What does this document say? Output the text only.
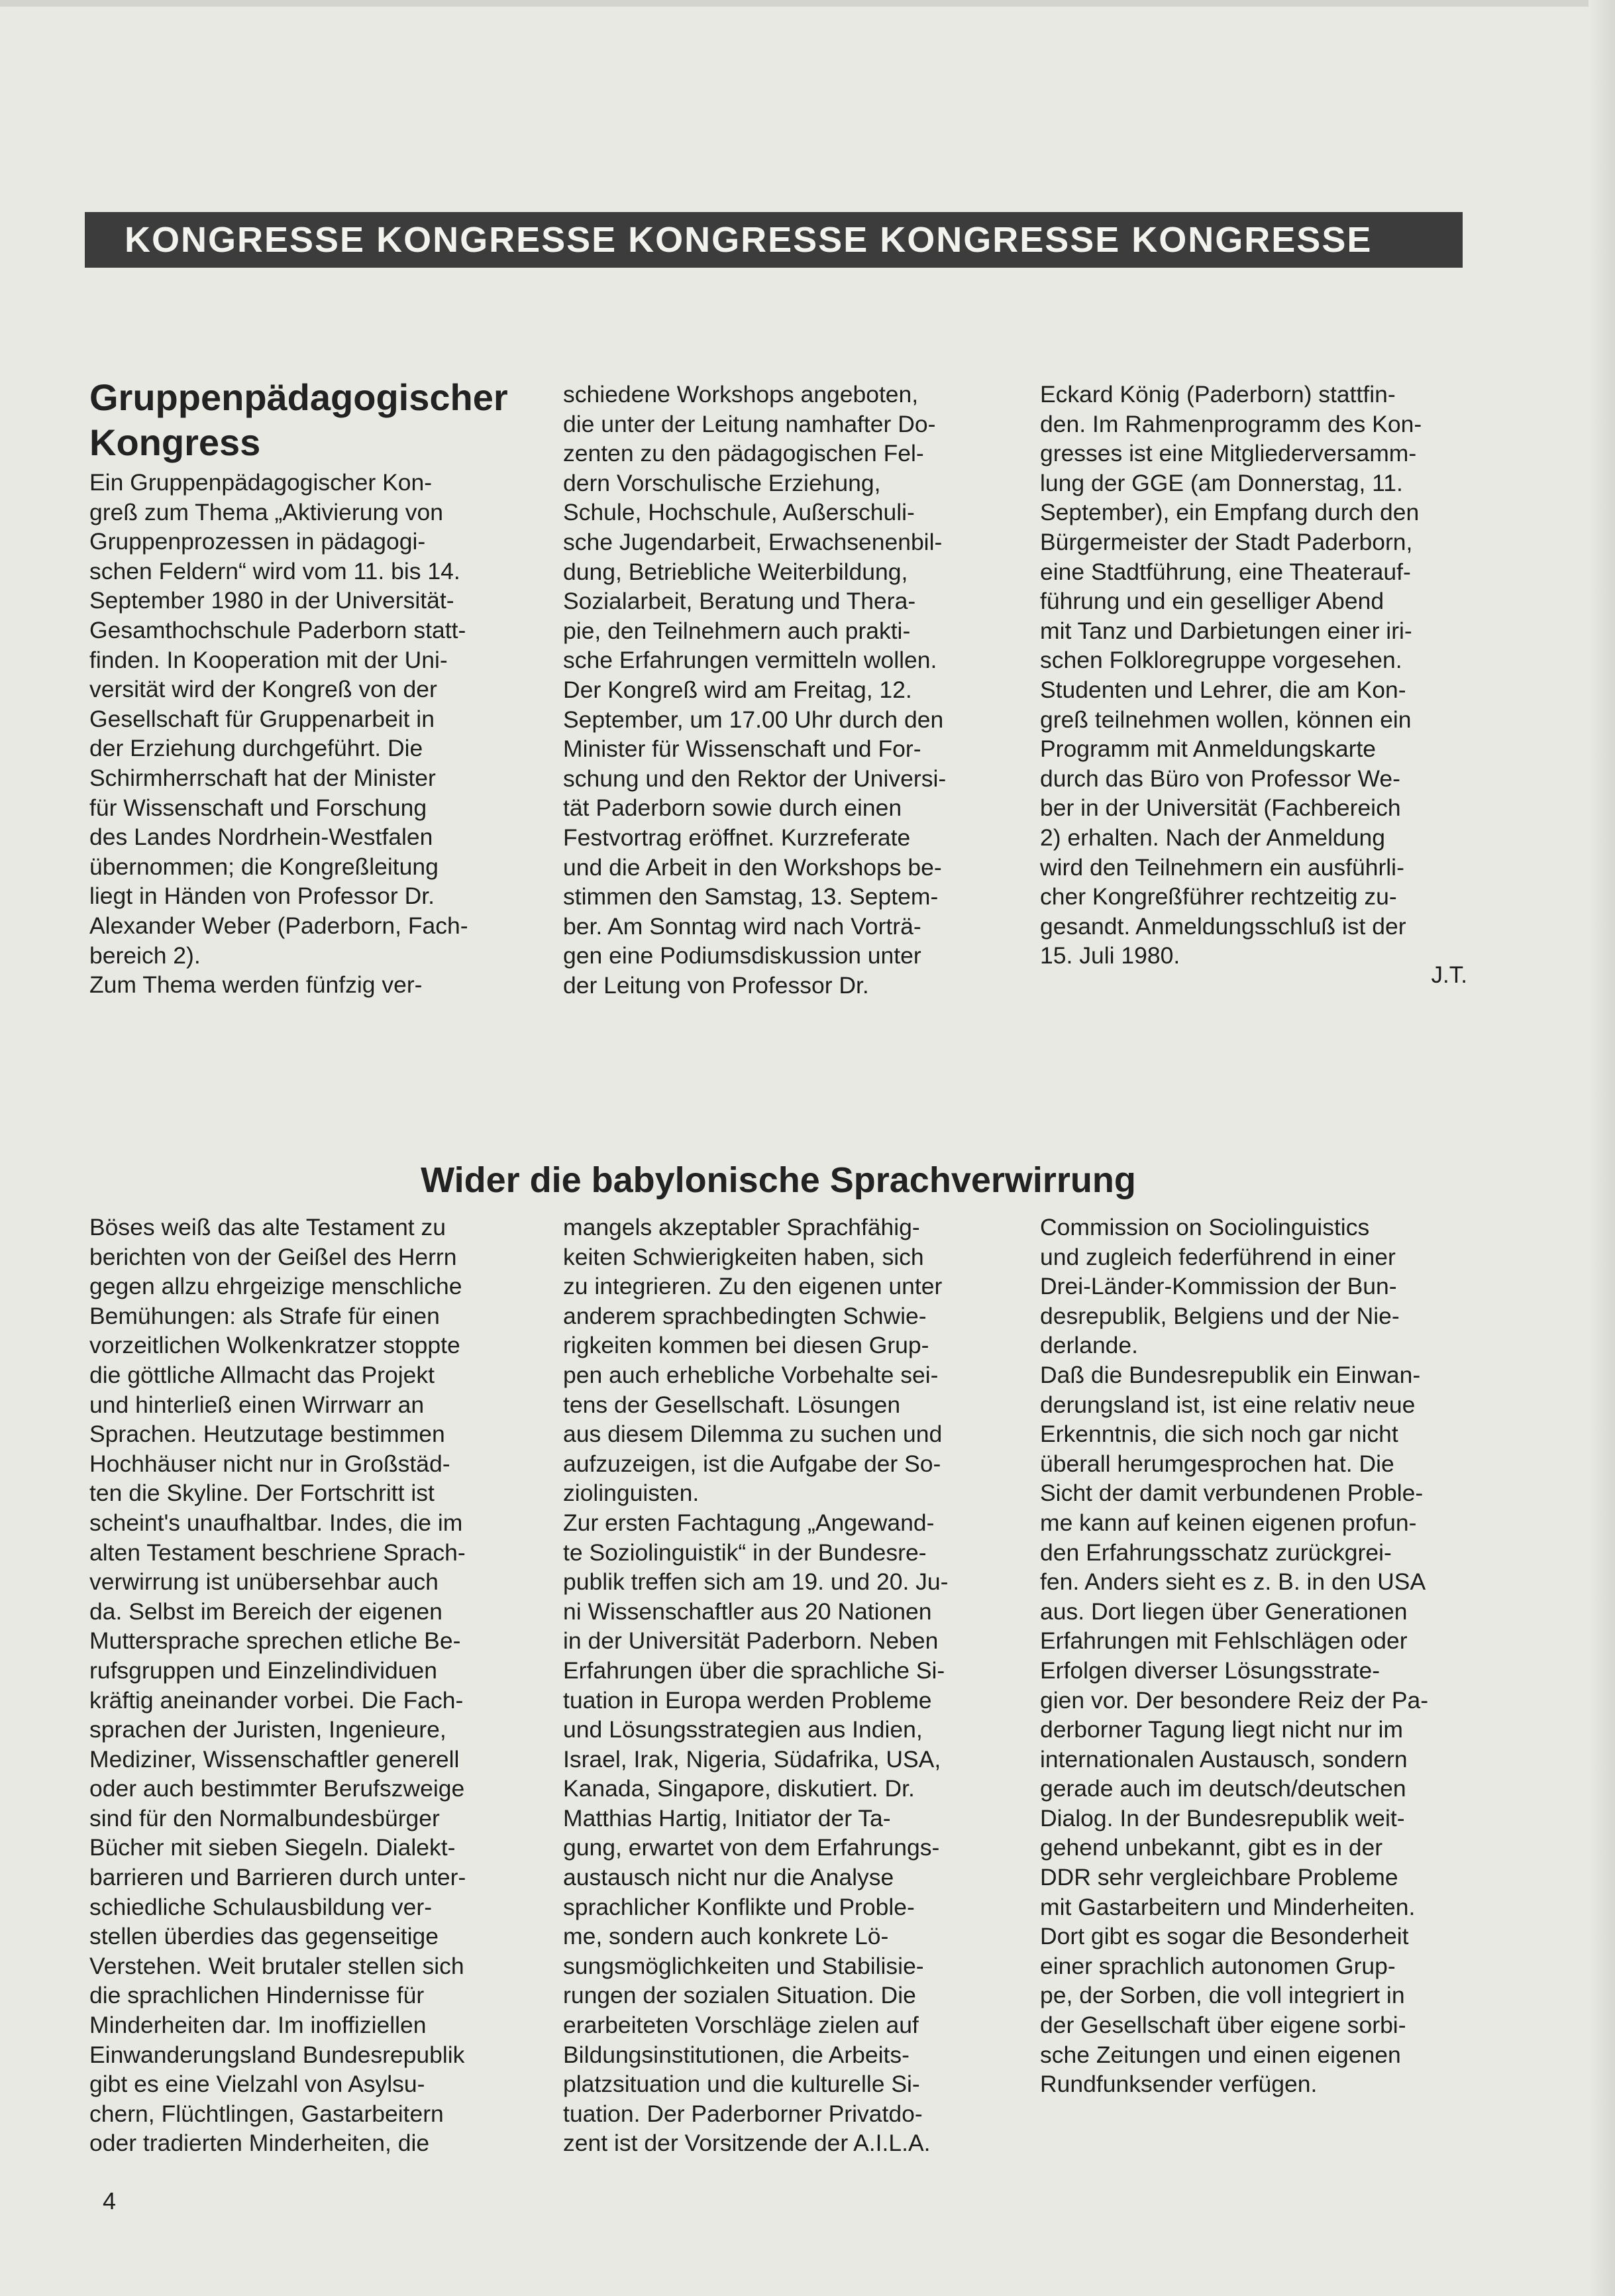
KONGRESSE KONGRESSE KONGRESSE KONGRESSE KONGRESSE
Gruppenpädagogischer Kongress
Ein Gruppenpädagogischer Kon-
greß zum Thema „Aktivierung von
Gruppenprozessen in pädagogi-
schen Feldern“ wird vom 11. bis 14.
September 1980 in der Universität-
Gesamthochschule Paderborn statt-
finden. In Kooperation mit der Uni-
versität wird der Kongreß von der
Gesellschaft für Gruppenarbeit in
der Erziehung durchgeführt. Die
Schirmherrschaft hat der Minister
für Wissenschaft und Forschung
des Landes Nordrhein-Westfalen
übernommen; die Kongreßleitung
liegt in Händen von Professor Dr.
Alexander Weber (Paderborn, Fach-
bereich 2).
Zum Thema werden fünfzig ver-
schiedene Workshops angeboten,
die unter der Leitung namhafter Do-
zenten zu den pädagogischen Fel-
dern Vorschulische Erziehung,
Schule, Hochschule, Außerschuli-
sche Jugendarbeit, Erwachsenenbil-
dung, Betriebliche Weiterbildung,
Sozialarbeit, Beratung und Thera-
pie, den Teilnehmern auch prakti-
sche Erfahrungen vermitteln wollen.
Der Kongreß wird am Freitag, 12.
September, um 17.00 Uhr durch den
Minister für Wissenschaft und For-
schung und den Rektor der Universi-
tät Paderborn sowie durch einen
Festvortrag eröffnet. Kurzreferate
und die Arbeit in den Workshops be-
stimmen den Samstag, 13. Septem-
ber. Am Sonntag wird nach Vorträ-
gen eine Podiumsdiskussion unter
der Leitung von Professor Dr.
Eckard König (Paderborn) stattfin-
den. Im Rahmenprogramm des Kon-
gresses ist eine Mitgliederversamm-
lung der GGE (am Donnerstag, 11.
September), ein Empfang durch den
Bürgermeister der Stadt Paderborn,
eine Stadtführung, eine Theaterauf-
führung und ein geselliger Abend
mit Tanz und Darbietungen einer iri-
schen Folkloregruppe vorgesehen.
Studenten und Lehrer, die am Kon-
greß teilnehmen wollen, können ein
Programm mit Anmeldungskarte
durch das Büro von Professor We-
ber in der Universität (Fachbereich
2) erhalten. Nach der Anmeldung
wird den Teilnehmern ein ausführli-
cher Kongreßführer rechtzeitig zu-
gesandt. Anmeldungsschluß ist der
15. Juli 1980.
J.T.
Wider die babylonische Sprachverwirrung
Böses weiß das alte Testament zu
berichten von der Geißel des Herrn
gegen allzu ehrgeizige menschliche
Bemühungen: als Strafe für einen
vorzeitlichen Wolkenkratzer stoppte
die göttliche Allmacht das Projekt
und hinterließ einen Wirrwarr an
Sprachen. Heutzutage bestimmen
Hochhäuser nicht nur in Großstäd-
ten die Skyline. Der Fortschritt ist
scheint's unaufhaltbar. Indes, die im
alten Testament beschriene Sprach-
verwirrung ist unübersehbar auch
da. Selbst im Bereich der eigenen
Muttersprache sprechen etliche Be-
rufsgruppen und Einzelindividuen
kräftig aneinander vorbei. Die Fach-
sprachen der Juristen, Ingenieure,
Mediziner, Wissenschaftler generell
oder auch bestimmter Berufszweige
sind für den Normalbundesbürger
Bücher mit sieben Siegeln. Dialekt-
barrieren und Barrieren durch unter-
schiedliche Schulausbildung ver-
stellen überdies das gegenseitige
Verstehen. Weit brutaler stellen sich
die sprachlichen Hindernisse für
Minderheiten dar. Im inoffiziellen
Einwanderungsland Bundesrepublik
gibt es eine Vielzahl von Asylsu-
chern, Flüchtlingen, Gastarbeitern
oder tradierten Minderheiten, die
mangels akzeptabler Sprachfähig-
keiten Schwierigkeiten haben, sich
zu integrieren. Zu den eigenen unter
anderem sprachbedingten Schwie-
rigkeiten kommen bei diesen Grup-
pen auch erhebliche Vorbehalte sei-
tens der Gesellschaft. Lösungen
aus diesem Dilemma zu suchen und
aufzuzeigen, ist die Aufgabe der So-
ziolinguisten.
Zur ersten Fachtagung „Angewand-
te Soziolinguistik“ in der Bundesre-
publik treffen sich am 19. und 20. Ju-
ni Wissenschaftler aus 20 Nationen
in der Universität Paderborn. Neben
Erfahrungen über die sprachliche Si-
tuation in Europa werden Probleme
und Lösungsstrategien aus Indien,
Israel, Irak, Nigeria, Südafrika, USA,
Kanada, Singapore, diskutiert. Dr.
Matthias Hartig, Initiator der Ta-
gung, erwartet von dem Erfahrungs-
austausch nicht nur die Analyse
sprachlicher Konflikte und Proble-
me, sondern auch konkrete Lö-
sungsmöglichkeiten und Stabilisie-
rungen der sozialen Situation. Die
erarbeiteten Vorschläge zielen auf
Bildungsinstitutionen, die Arbeits-
platzsituation und die kulturelle Si-
tuation. Der Paderborner Privatdo-
zent ist der Vorsitzende der A.I.L.A.
Commission on Sociolinguistics
und zugleich federführend in einer
Drei-Länder-Kommission der Bun-
desrepublik, Belgiens und der Nie-
derlande.
Daß die Bundesrepublik ein Einwan-
derungsland ist, ist eine relativ neue
Erkenntnis, die sich noch gar nicht
überall herumgesprochen hat. Die
Sicht der damit verbundenen Proble-
me kann auf keinen eigenen profun-
den Erfahrungsschatz zurückgrei-
fen. Anders sieht es z. B. in den USA
aus. Dort liegen über Generationen
Erfahrungen mit Fehlschlägen oder
Erfolgen diverser Lösungsstrate-
gien vor. Der besondere Reiz der Pa-
derborner Tagung liegt nicht nur im
internationalen Austausch, sondern
gerade auch im deutsch/deutschen
Dialog. In der Bundesrepublik weit-
gehend unbekannt, gibt es in der
DDR sehr vergleichbare Probleme
mit Gastarbeitern und Minderheiten.
Dort gibt es sogar die Besonderheit
einer sprachlich autonomen Grup-
pe, der Sorben, die voll integriert in
der Gesellschaft über eigene sorbi-
sche Zeitungen und einen eigenen
Rundfunksender verfügen.
4
